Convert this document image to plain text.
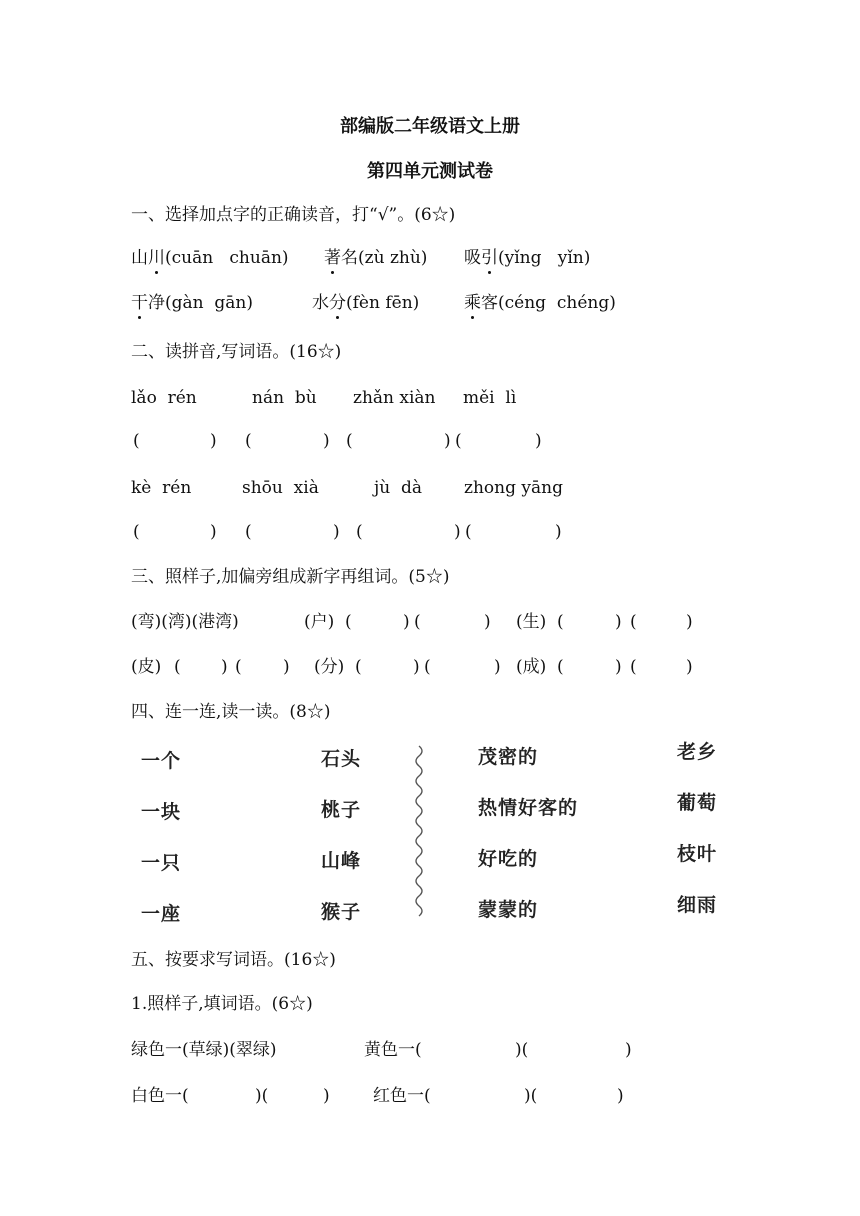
部编版二年级语文上册
第四单元测试卷
一、选择加点字的正确读音，打“√”。(6☆)
山川(cuān   chuān) 著名(zù zhù) 吸引(yǐng   yǐn)
干净(gàn  gān)	水分(fèn fēn)	乘客(céng  chéng)
二、读拼音,写词语。(16☆)
lǎo  rén	nán  bù zhǎn xiàn měi  lì
(	) (	) (	) (	)
kè  rén	shōu  xià	jù  dà zhong yāng
(	) (	) (	) (	)
三、照样子,加偏旁组成新字再组词。(5☆)
(弯)(湾)(港湾)	(户) (	) (	) (生) (	) (	)
(皮) ( ) ( ) (分) (	) (	) (成) (	) (	)
四、连一连,读一读。(8☆)
一个
一块
一只
一座
石头
桃子
山峰
猴子
茂密的
热情好客的
好吃的
蒙蒙的
老乡
葡萄
枝叶
细雨
五、按要求写词语。(16☆)
1.照样子,填词语。(6☆)
绿色一(草绿)(翠绿)	黄色一(	)(	)
白色一(	)(	)	红色一(	)(	)
